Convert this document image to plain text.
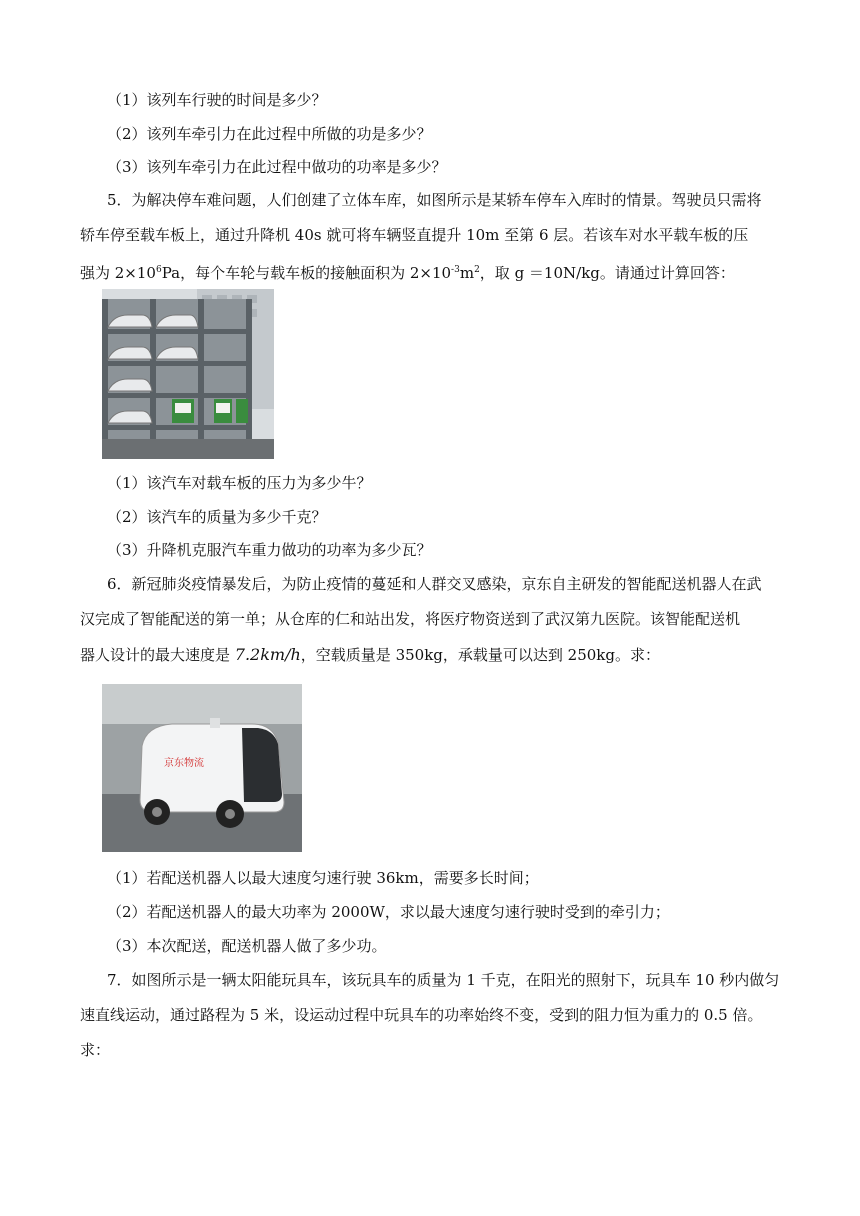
（1）该列车行驶的时间是多少？
（2）该列车牵引力在此过程中所做的功是多少？
（3）该列车牵引力在此过程中做功的功率是多少？
5．为解决停车难问题，人们创建了立体车库，如图所示是某轿车停车入库时的情景。驾驶员只需将
轿车停至载车板上，通过升降机 40s 就可将车辆竖直提升 10m 至第 6 层。若该车对水平载车板的压
强为 $2\times 10^6Pa$，每个车轮与载车板的接触面积为 $2\times 10^{-3}m^2$，取 g ＝10N/kg。请通过计算回答：
（1）该汽车对载车板的压力为多少牛？
（2）该汽车的质量为多少千克？
（3）升降机克服汽车重力做功的功率为多少瓦？
6．新冠肺炎疫情暴发后，为防止疫情的蔓延和人群交叉感染，京东自主研发的智能配送机器人在武
汉完成了智能配送的第一单；从仓库的仁和站出发，将医疗物资送到了武汉第九医院。该智能配送机
器人设计的最大速度是 7.2km/h，空载质量是 350kg，承载量可以达到 250kg。求：
京东物流
（1）若配送机器人以最大速度匀速行驶 36km，需要多长时间；
（2）若配送机器人的最大功率为 2000W，求以最大速度匀速行驶时受到的牵引力；
（3）本次配送，配送机器人做了多少功。
7．如图所示是一辆太阳能玩具车，该玩具车的质量为 1 千克，在阳光的照射下，玩具车 10 秒内做匀
速直线运动，通过路程为 5 米，设运动过程中玩具车的功率始终不变，受到的阻力恒为重力的 0.5 倍。
求：
